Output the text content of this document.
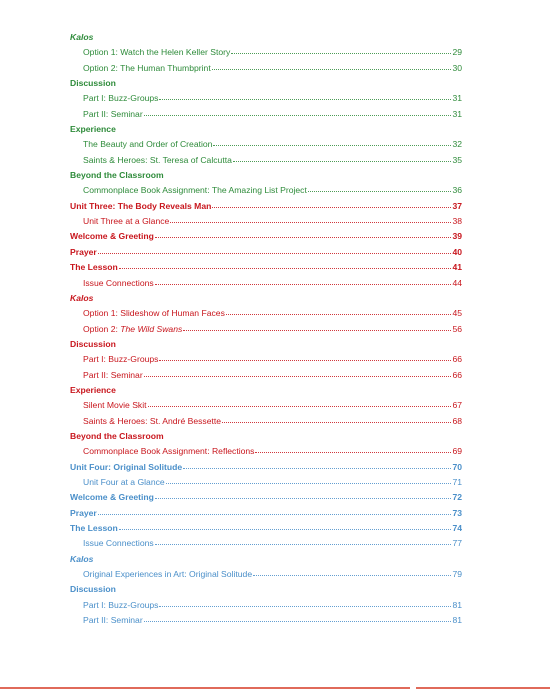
Kalos
Option 1: Watch the Helen Keller Story	29
Option 2: The Human Thumbprint	30
Discussion
Part I: Buzz-Groups	31
Part II: Seminar	31
Experience
The Beauty and Order of Creation	32
Saints & Heroes: St. Teresa of Calcutta	35
Beyond the Classroom
Commonplace Book Assignment: The Amazing List Project	36
Unit Three: The Body Reveals Man	37
Unit Three at a Glance	38
Welcome & Greeting	39
Prayer	40
The Lesson	41
Issue Connections	44
Kalos
Option 1: Slideshow of Human Faces	45
Option 2: The Wild Swans	56
Discussion
Part I: Buzz-Groups	66
Part II: Seminar	66
Experience
Silent Movie Skit	67
Saints & Heroes: St. André Bessette	68
Beyond the Classroom
Commonplace Book Assignment: Reflections	69
Unit Four: Original Solitude	70
Unit Four at a Glance	71
Welcome & Greeting	72
Prayer	73
The Lesson	74
Issue Connections	77
Kalos
Original Experiences in Art: Original Solitude	79
Discussion
Part I: Buzz-Groups	81
Part II: Seminar	81
